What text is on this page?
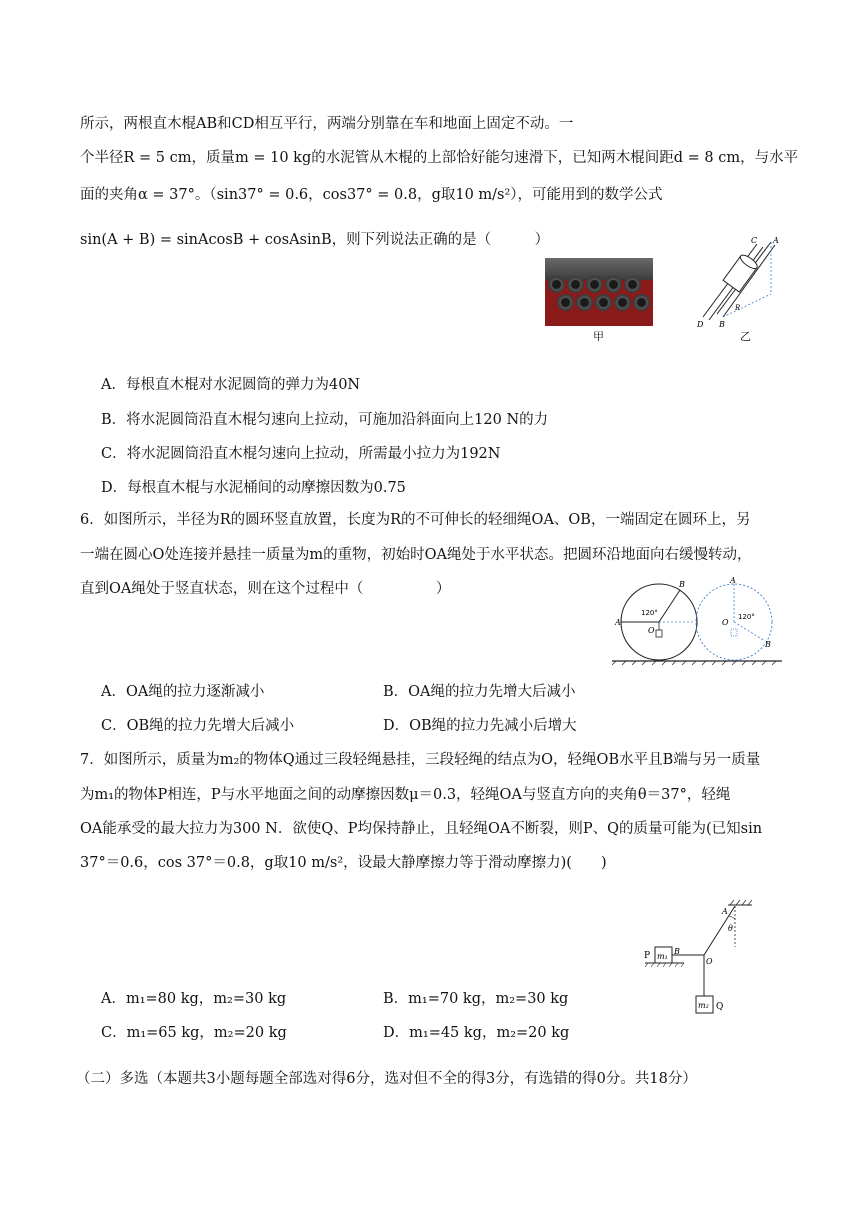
所示，两根直木棍AB和CD相互平行，两端分别靠在车和地面上固定不动。一
个半径R = 5 cm，质量m = 10 kg的水泥管从木棍的上部恰好能匀速滑下，已知两木棍间距d = 8 cm，与水平
面的夹角α = 37°。（sin37° = 0.6，cos37° = 0.8，g取10 m/s²），可能用到的数学公式
sin(A + B) = sinAcosB + cosAsinB，则下列说法正确的是（　　　）
甲
C A
D B
R
乙
A．每根直木棍对水泥圆筒的弹力为40N
B．将水泥圆筒沿直木棍匀速向上拉动，可施加沿斜面向上120 N的力
C．将水泥圆筒沿直木棍匀速向上拉动，所需最小拉力为192N
D．每根直木棍与水泥桶间的动摩擦因数为0.75
6．如图所示，半径为R的圆环竖直放置，长度为R的不可伸长的轻细绳OA、OB，一端固定在圆环上，另
一端在圆心O处连接并悬挂一质量为m的重物，初始时OA绳处于水平状态。把圆环沿地面向右缓慢转动，
直到OA绳处于竖直状态，则在这个过程中（　　　　　）
120°	120°
A
B
O
A
O
B
A．OA绳的拉力逐渐减小	B．OA绳的拉力先增大后减小
C．OB绳的拉力先增大后减小	D．OB绳的拉力先减小后增大
7．如图所示，质量为m₂的物体Q通过三段轻绳悬挂，三段轻绳的结点为O，轻绳OB水平且B端与另一质量
为m₁的物体P相连，P与水平地面之间的动摩擦因数μ＝0.3，轻绳OA与竖直方向的夹角θ＝37°，轻绳
OA能承受的最大拉力为300 N．欲使Q、P均保持静止，且轻绳OA不断裂，则P、Q的质量可能为(已知sin
37°＝0.6，cos 37°＝0.8，g取10 m/s²，设最大静摩擦力等于滑动摩擦力)(　　)
A
θ
P m₁
B
O
m₂ Q
A．m₁=80 kg，m₂=30 kg	B．m₁=70 kg，m₂=30 kg
C．m₁=65 kg，m₂=20 kg	D．m₁=45 kg，m₂=20 kg
（二）多选（本题共3小题每题全部选对得6分，选对但不全的得3分，有选错的得0分。共18分）
